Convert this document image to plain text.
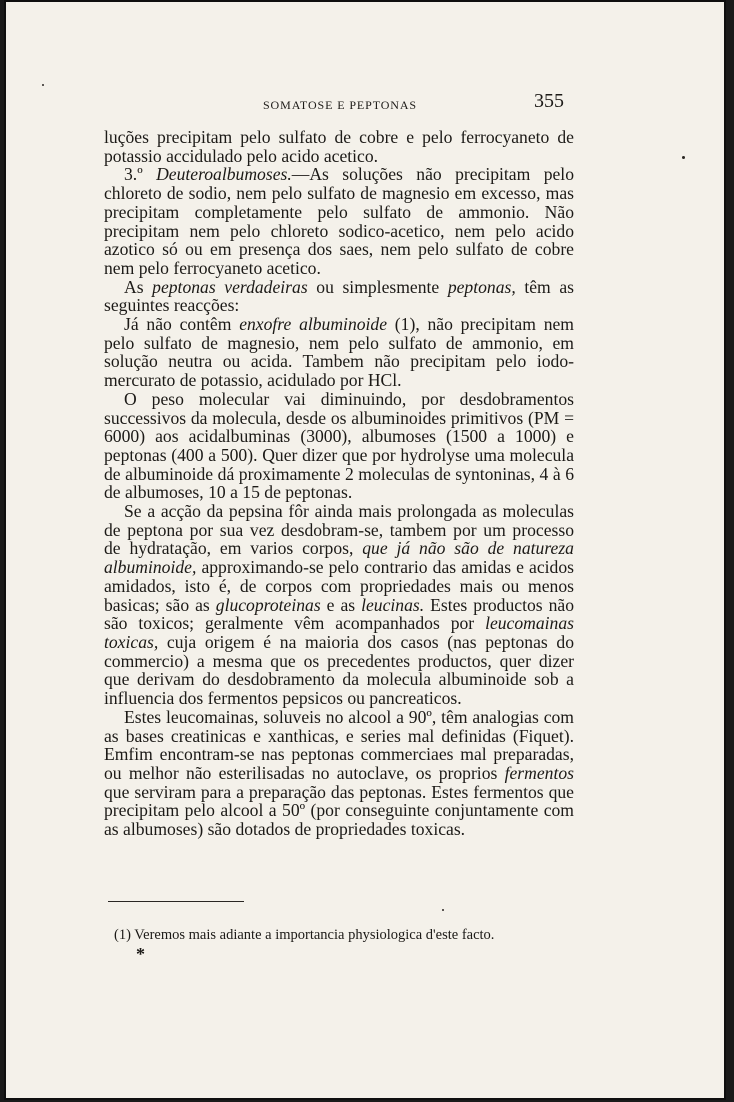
SOMATOSE E PEPTONAS	355

luções precipitam pelo sulfato de cobre e pelo ferrocyaneto de potassio accidulado pelo acido acetico.

3.º Deuteroalbumoses.—As soluções não precipitam pelo chloreto de sodio, nem pelo sulfato de magnesio em excesso, mas precipitam completamente pelo sulfato de ammonio. Não precipitam nem pelo chloreto sodico-acetico, nem pelo acido azotico só ou em presença dos saes, nem pelo sulfato de cobre nem pelo ferrocyaneto acetico.

As peptonas verdadeiras ou simplesmente peptonas, têm as seguintes reacções:

Já não contêm enxofre albuminoide (1), não precipitam nem pelo sulfato de magnesio, nem pelo sulfato de ammonio, em solução neutra ou acida. Tambem não precipitam pelo iodo-mercurato de potassio, acidulado por HCl.

O peso molecular vai diminuindo, por desdobramentos successivos da molecula, desde os albuminoides primitivos (PM = 6000) aos acidalbuminas (3000), albumoses (1500 a 1000) e peptonas (400 a 500). Quer dizer que por hydrolyse uma molecula de albuminoide dá proximamente 2 moleculas de syntoninas, 4 à 6 de albumoses, 10 a 15 de peptonas.

Se a acção da pepsina fôr ainda mais prolongada as moleculas de peptona por sua vez desdobram-se, tambem por um processo de hydratação, em varios corpos, que já não são de natureza albuminoide, approximando-se pelo contrario das amidas e acidos amidados, isto é, de corpos com propriedades mais ou menos basicas; são as glucoproteinas e as leucinas. Estes productos não são toxicos; geralmente vêm acompanhados por leucomainas toxicas, cuja origem é na maioria dos casos (nas peptonas do commercio) a mesma que os precedentes productos, quer dizer que derivam do desdobramento da molecula albuminoide sob a influencia dos fermentos pepsicos ou pancreaticos.

Estes leucomainas, soluveis no alcool a 90º, têm analogias com as bases creatinicas e xanthicas, e series mal definidas (Fiquet). Emfim encontram-se nas peptonas commerciaes mal preparadas, ou melhor não esterilisadas no autoclave, os proprios fermentos que serviram para a preparação das peptonas. Estes fermentos que precipitam pelo alcool a 50º (por conseguinte conjuntamente com as albumoses) são dotados de propriedades toxicas.

(1) Veremos mais adiante a importancia physiologica d'este facto.
*
